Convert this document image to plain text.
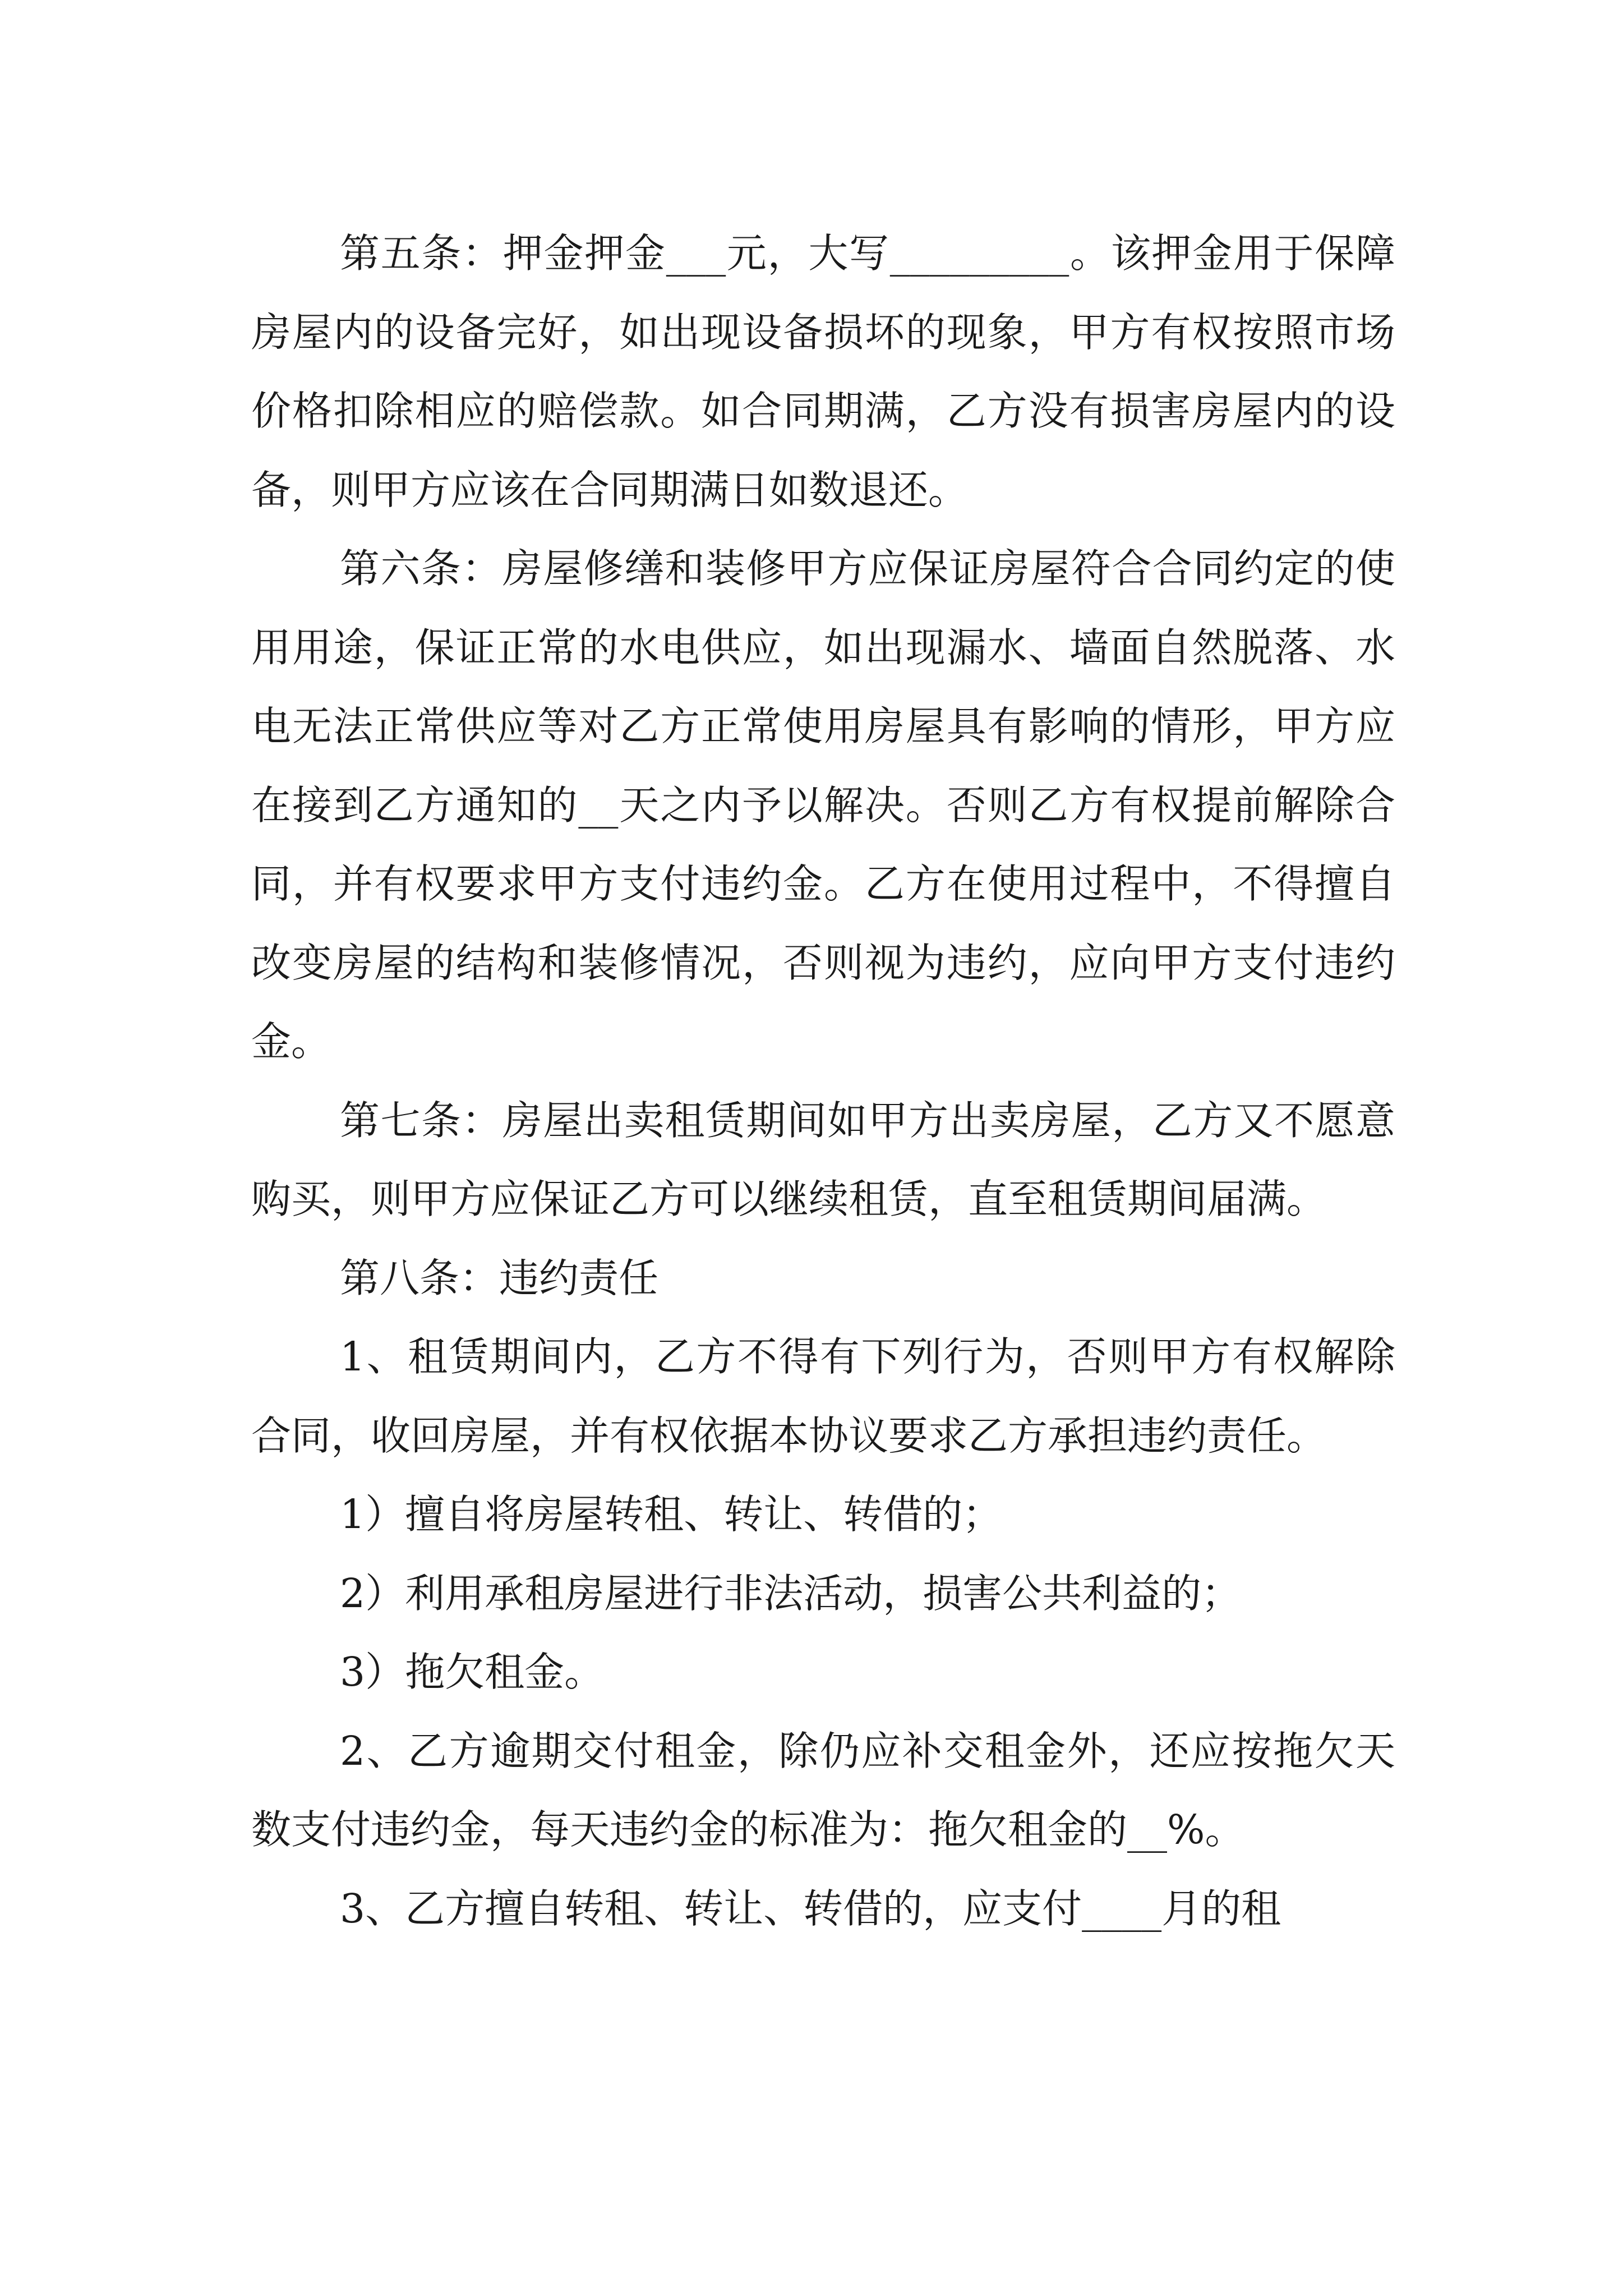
第五条：押金押金___元，大写_________。该押金用于保障房屋内的设备完好，如出现设备损坏的现象，甲方有权按照市场价格扣除相应的赔偿款。如合同期满，乙方没有损害房屋内的设备，则甲方应该在合同期满日如数退还。

第六条：房屋修缮和装修甲方应保证房屋符合合同约定的使用用途，保证正常的水电供应，如出现漏水、墙面自然脱落、水电无法正常供应等对乙方正常使用房屋具有影响的情形，甲方应在接到乙方通知的__天之内予以解决。否则乙方有权提前解除合同，并有权要求甲方支付违约金。乙方在使用过程中，不得擅自改变房屋的结构和装修情况，否则视为违约，应向甲方支付违约金。

第七条：房屋出卖租赁期间如甲方出卖房屋，乙方又不愿意购买，则甲方应保证乙方可以继续租赁，直至租赁期间届满。

第八条：违约责任

1、租赁期间内，乙方不得有下列行为，否则甲方有权解除合同，收回房屋，并有权依据本协议要求乙方承担违约责任。

1）擅自将房屋转租、转让、转借的；

2）利用承租房屋进行非法活动，损害公共利益的；

3）拖欠租金。

2、乙方逾期交付租金，除仍应补交租金外，还应按拖欠天数支付违约金，每天违约金的标准为：拖欠租金的__%。

3、乙方擅自转租、转让、转借的，应支付____月的租
